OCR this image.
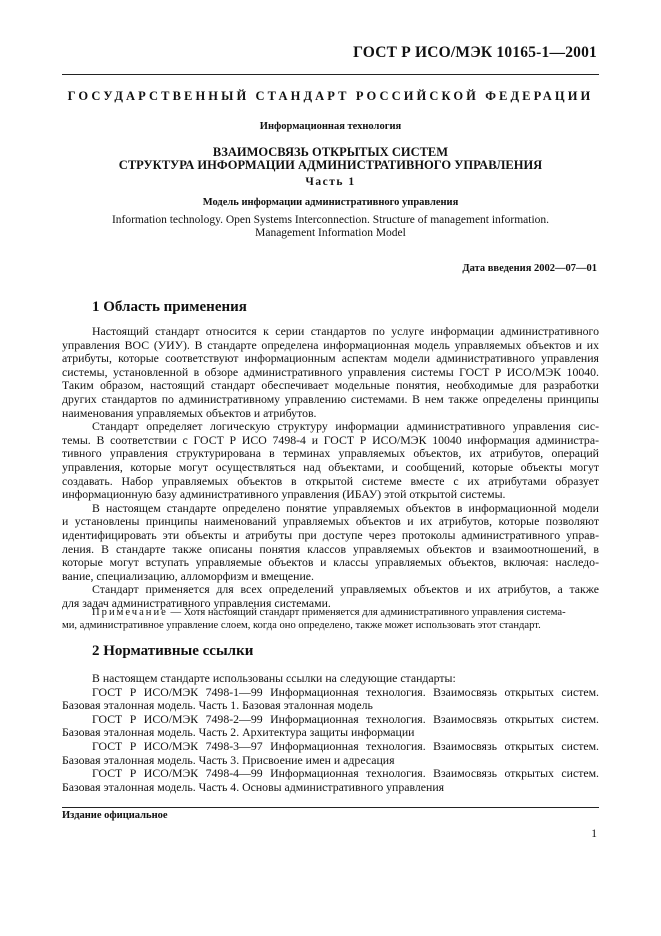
ГОСТ Р ИСО/МЭК 10165-1—2001
ГОСУДАРСТВЕННЫЙ СТАНДАРТ РОССИЙСКОЙ ФЕДЕРАЦИИ
Информационная технология
ВЗАИМОСВЯЗЬ ОТКРЫТЫХ СИСТЕМ
СТРУКТУРА ИНФОРМАЦИИ АДМИНИСТРАТИВНОГО УПРАВЛЕНИЯ
Часть 1
Модель информации административного управления
Information technology. Open Systems Interconnection. Structure of management information.
Management Information Model
Дата введения 2002—07—01
1 Область применения
Настоящий стандарт относится к серии стандартов по услуге информации административного
управления ВОС (УИУ). В стандарте определена информационная модель управляемых объектов и их
атрибуты, которые соответствуют информационным аспектам модели административного управления
системы, установленной в обзоре административного управления системы ГОСТ Р ИСО/МЭК 10040.
Таким образом, настоящий стандарт обеспечивает модельные понятия, необходимые для разработки
других стандартов по административному управлению системами. В нем также определены принципы
наименования управляемых объектов и атрибутов.
Стандарт определяет логическую структуру информации административного управления сис-
темы. В соответствии с ГОСТ Р ИСО 7498-4 и ГОСТ Р ИСО/МЭК 10040 информация администра-
тивного управления структурирована в терминах управляемых объектов, их атрибутов, операций
управления, которые могут осуществляться над объектами, и сообщений, которые объекты могут
создавать. Набор управляемых объектов в открытой системе вместе с их атрибутами образует
информационную базу административного управления (ИБАУ) этой открытой системы.
В настоящем стандарте определено понятие управляемых объектов в информационной модели
и установлены принципы наименований управляемых объектов и их атрибутов, которые позволяют
идентифицировать эти объекты и атрибуты при доступе через протоколы административного управ-
ления. В стандарте также описаны понятия классов управляемых объектов и взаимоотношений, в
которые могут вступать управляемые объектов и классы управляемых объектов, включая: наследо-
вание, специализацию, алломорфизм и вмещение.
Стандарт применяется для всех определений управляемых объектов и их атрибутов, а также
для задач административного управления системами.
Примечание — Хотя настоящий стандарт применяется для административного управления система-
ми, административное управление слоем, когда оно определено, также может использовать этот стандарт.
2 Нормативные ссылки
В настоящем стандарте использованы ссылки на следующие стандарты:
ГОСТ Р ИСО/МЭК 7498-1—99 Информационная технология. Взаимосвязь открытых систем.
Базовая эталонная модель. Часть 1. Базовая эталонная модель
ГОСТ Р ИСО/МЭК 7498-2—99 Информационная технология. Взаимосвязь открытых систем.
Базовая эталонная модель. Часть 2. Архитектура защиты информации
ГОСТ Р ИСО/МЭК 7498-3—97 Информационная технология. Взаимосвязь открытых систем.
Базовая эталонная модель. Часть 3. Присвоение имен и адресация
ГОСТ Р ИСО/МЭК 7498-4—99 Информационная технология. Взаимосвязь открытых систем.
Базовая эталонная модель. Часть 4. Основы административного управления
Издание официальное
1
